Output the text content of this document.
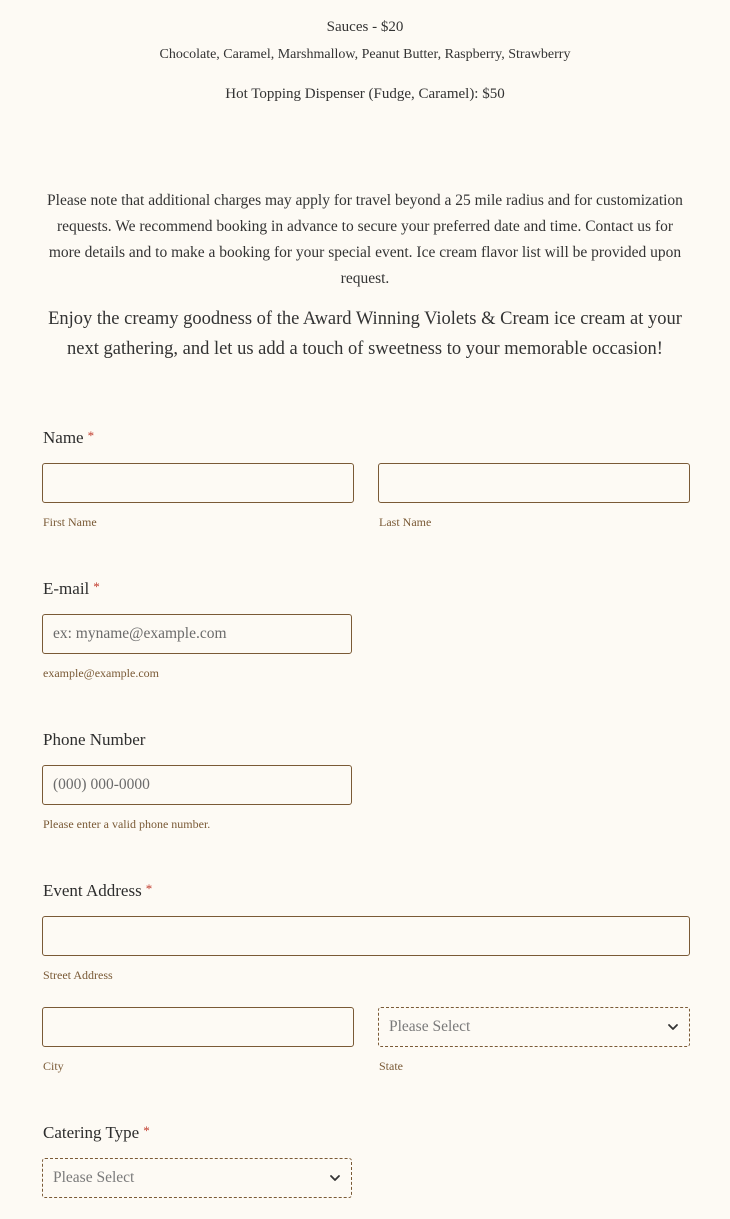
Sauces - $20
Chocolate, Caramel, Marshmallow, Peanut Butter, Raspberry, Strawberry
Hot Topping Dispenser (Fudge, Caramel): $50
Please note that additional charges may apply for travel beyond a 25 mile radius and for customization requests. We recommend booking in advance to secure your preferred date and time. Contact us for more details and to make a booking for your special event. Ice cream flavor list will be provided upon request.
Enjoy the creamy goodness of the Award Winning Violets & Cream ice cream at your next gathering, and let us add a touch of sweetness to your memorable occasion!
Name *
First Name	Last Name
E-mail *
ex: myname@example.com
example@example.com
Phone Number
(000) 000-0000
Please enter a valid phone number.
Event Address *
Street Address
City
Please Select
State
Catering Type *
Please Select
